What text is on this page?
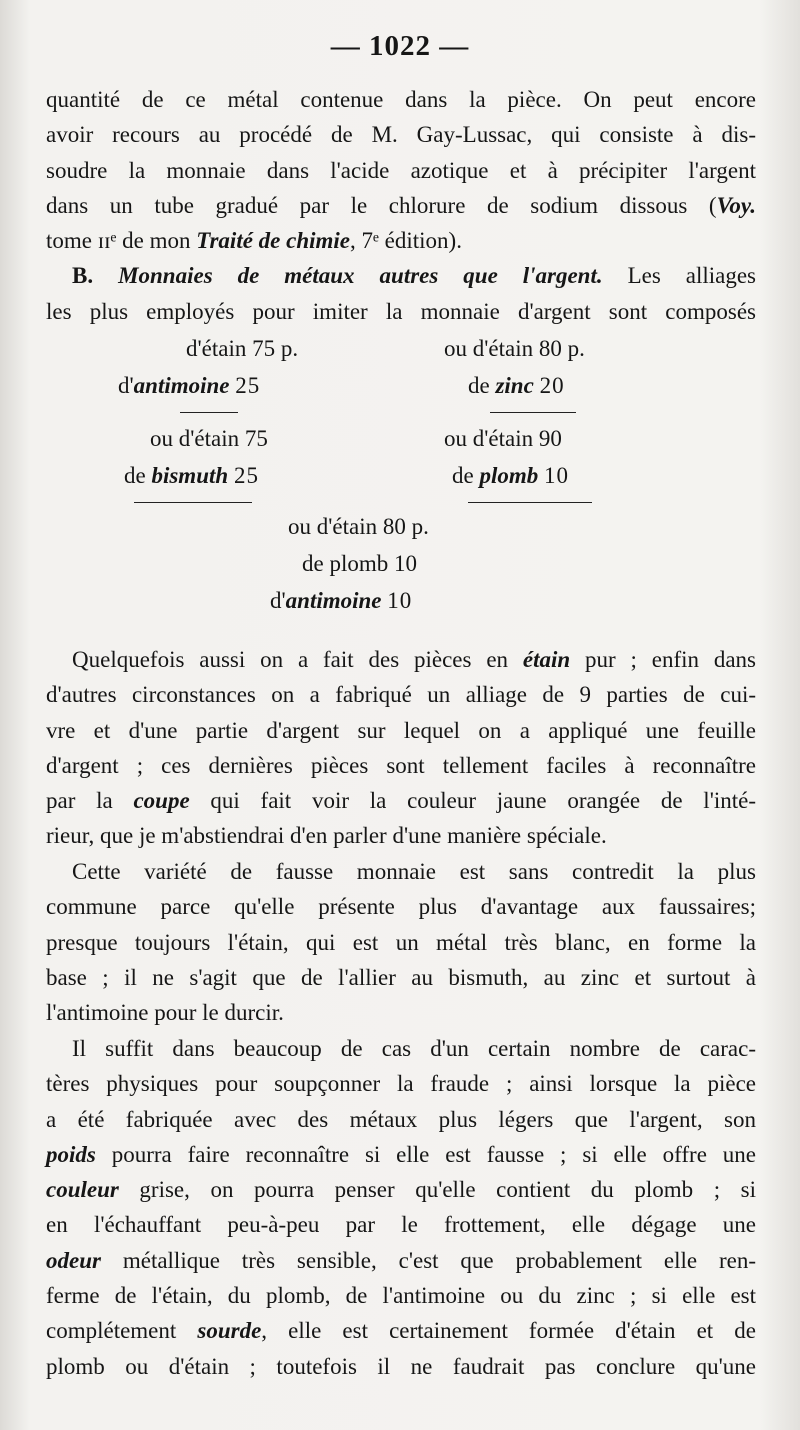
— 1022 —
quantité de ce métal contenue dans la pièce. On peut encore
avoir recours au procédé de M. Gay-Lussac, qui consiste à dis-
soudre la monnaie dans l'acide azotique et à précipiter l'argent
dans un tube gradué par le chlorure de sodium dissous (Voy.
tome ɪɪᵉ de mon Traité de chimie, 7ᵉ édition).
B. Monnaies de métaux autres que l'argent. Les alliages
les plus employés pour imiter la monnaie d'argent sont composés
d'étain 75 p.
d'antimoine 25
ou d'étain 80 p.
de zinc 20
ou d'étain 75
de bismuth 25
ou d'étain 90
de plomb 10
ou d'étain 80 p.
de plomb 10
d'antimoine 10
Quelquefois aussi on a fait des pièces en étain pur ; enfin dans
d'autres circonstances on a fabriqué un alliage de 9 parties de cui-
vre et d'une partie d'argent sur lequel on a appliqué une feuille
d'argent ; ces dernières pièces sont tellement faciles à reconnaître
par la coupe qui fait voir la couleur jaune orangée de l'inté-
rieur, que je m'abstiendrai d'en parler d'une manière spéciale.
Cette variété de fausse monnaie est sans contredit la plus
commune parce qu'elle présente plus d'avantage aux faussaires;
presque toujours l'étain, qui est un métal très blanc, en forme la
base ; il ne s'agit que de l'allier au bismuth, au zinc et surtout à
l'antimoine pour le durcir.
Il suffit dans beaucoup de cas d'un certain nombre de carac-
tères physiques pour soupçonner la fraude ; ainsi lorsque la pièce
a été fabriquée avec des métaux plus légers que l'argent, son
poids pourra faire reconnaître si elle est fausse ; si elle offre une
couleur grise, on pourra penser qu'elle contient du plomb ; si
en l'échauffant peu-à-peu par le frottement, elle dégage une
odeur métallique très sensible, c'est que probablement elle ren-
ferme de l'étain, du plomb, de l'antimoine ou du zinc ; si elle est
complétement sourde, elle est certainement formée d'étain et de
plomb ou d'étain ; toutefois il ne faudrait pas conclure qu'une
